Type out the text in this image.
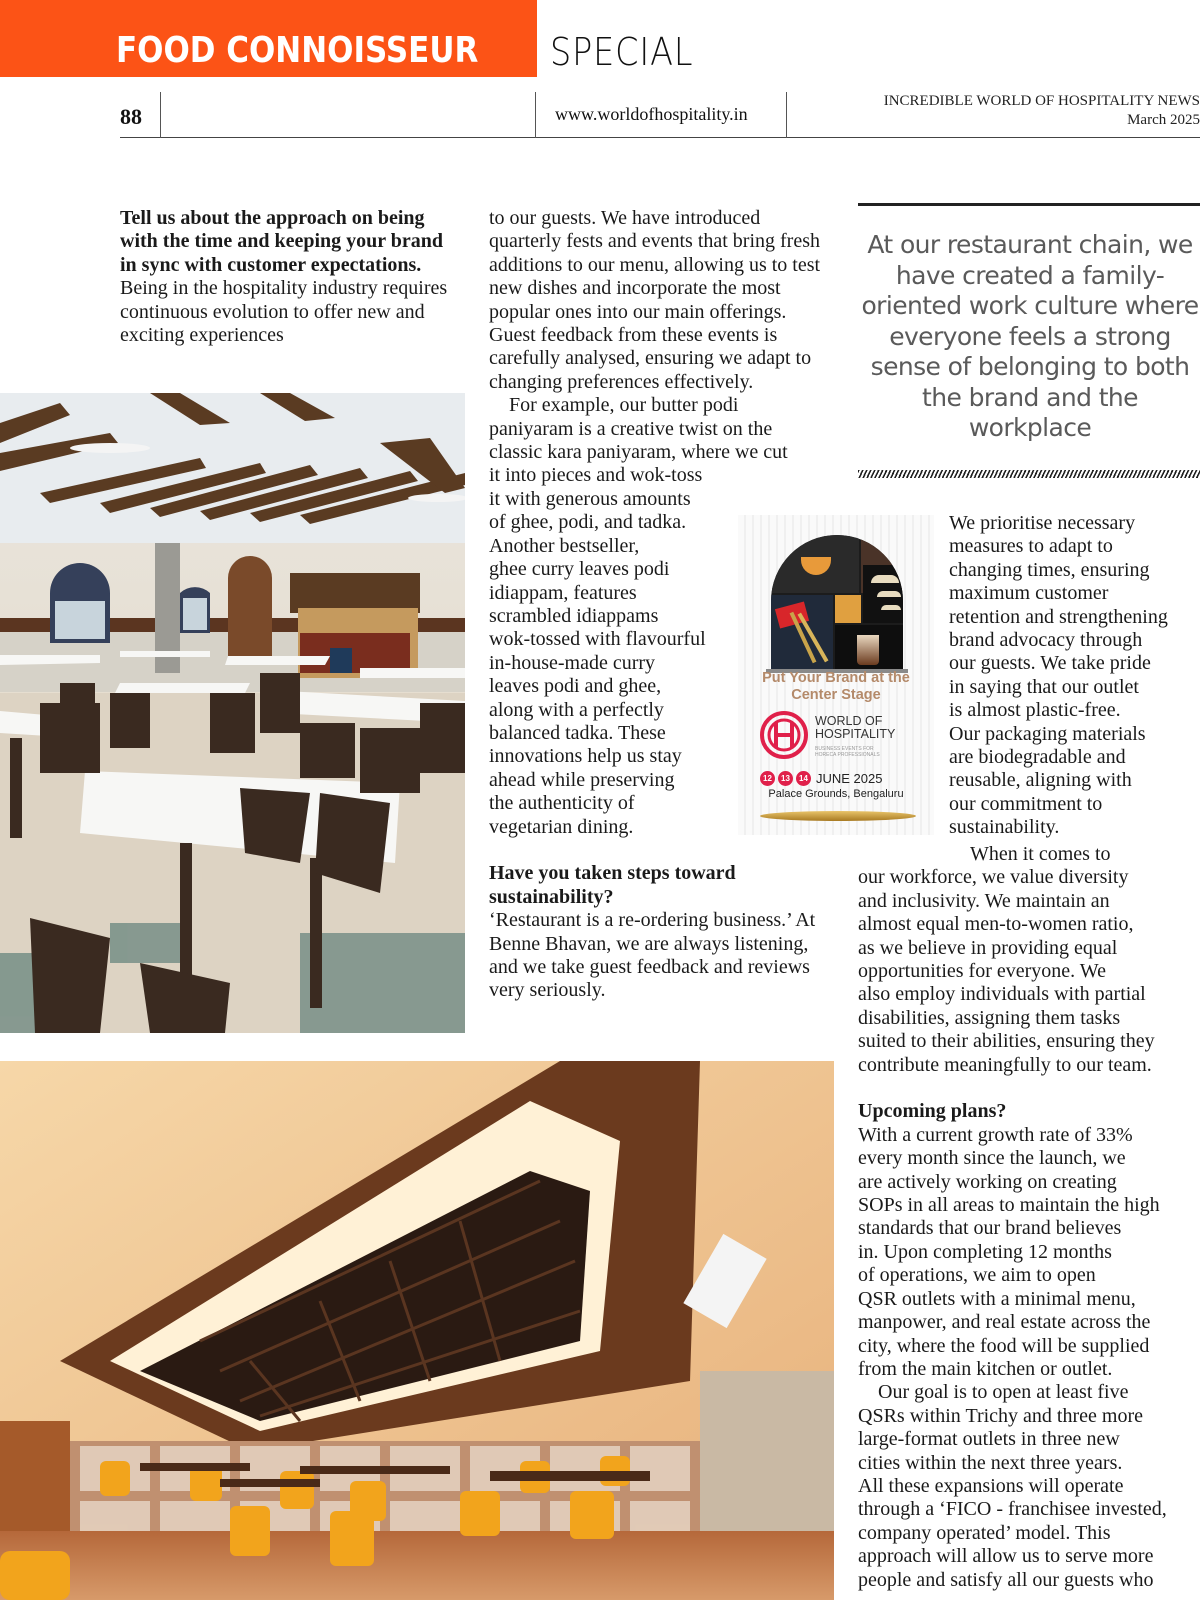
FOOD CONNOISSEUR SPECIAL
88	www.worldofhospitality.in
INCREDIBLE WORLD OF HOSPITALITY NEWS
March 2025

Tell us about the approach on being with the time and keeping your brand in sync with customer expectations.

Being in the hospitality industry requires continuous evolution to offer new and exciting experiences

to our guests. We have introduced quarterly fests and events that bring fresh additions to our menu, allowing us to test new dishes and incorporate the most popular ones into our main offerings. Guest feedback from these events is carefully analysed, ensuring we adapt to changing preferences effectively.

For example, our butter podi
paniyaram is a creative twist on the
classic kara paniyaram, where we cut
it into pieces and wok-toss
it with generous amounts
of ghee, podi, and tadka.
Another bestseller,
ghee curry leaves podi
idiappam, features
scrambled idiappams
wok-tossed with flavourful
in-house-made curry
leaves podi and ghee,
along with a perfectly
balanced tadka. These
innovations help us stay
ahead while preserving
the authenticity of
vegetarian dining.

Have you taken steps toward sustainability?

‘Restaurant is a re-ordering business.’ At Benne Bhavan, we are always listening, and we take guest feedback and reviews very seriously.

At our restaurant chain, we have created a family-oriented work culture where everyone feels a strong sense of belonging to both the brand and the workplace
Put Your Brand at the Center Stage
WORLD OF
HOSPITALITY
BUSINESS EVENTS FOR
HORECA PROFESSIONALS
12	13	14 JUNE 2025
Palace Grounds, Bengaluru
We prioritise necessary
measures to adapt to
changing times, ensuring
maximum customer
retention and strengthening
brand advocacy through
our guests. We take pride
in saying that our outlet
is almost plastic-free.
Our packaging materials
are biodegradable and
reusable, aligning with
our commitment to
sustainability.
When it comes to
our workforce, we value diversity
and inclusivity. We maintain an
almost equal men-to-women ratio,
as we believe in providing equal
opportunities for everyone. We
also employ individuals with partial
disabilities, assigning them tasks
suited to their abilities, ensuring they
contribute meaningfully to our team.

Upcoming plans?

With a current growth rate of 33%
every month since the launch, we
are actively working on creating
SOPs in all areas to maintain the high
standards that our brand believes
in. Upon completing 12 months
of operations, we aim to open
QSR outlets with a minimal menu,
manpower, and real estate across the
city, where the food will be supplied
from the main kitchen or outlet.
Our goal is to open at least five
QSRs within Trichy and three more
large-format outlets in three new
cities within the next three years.
All these expansions will operate
through a ‘FICO - franchisee invested,
company operated’ model. This
approach will allow us to serve more
people and satisfy all our guests who
